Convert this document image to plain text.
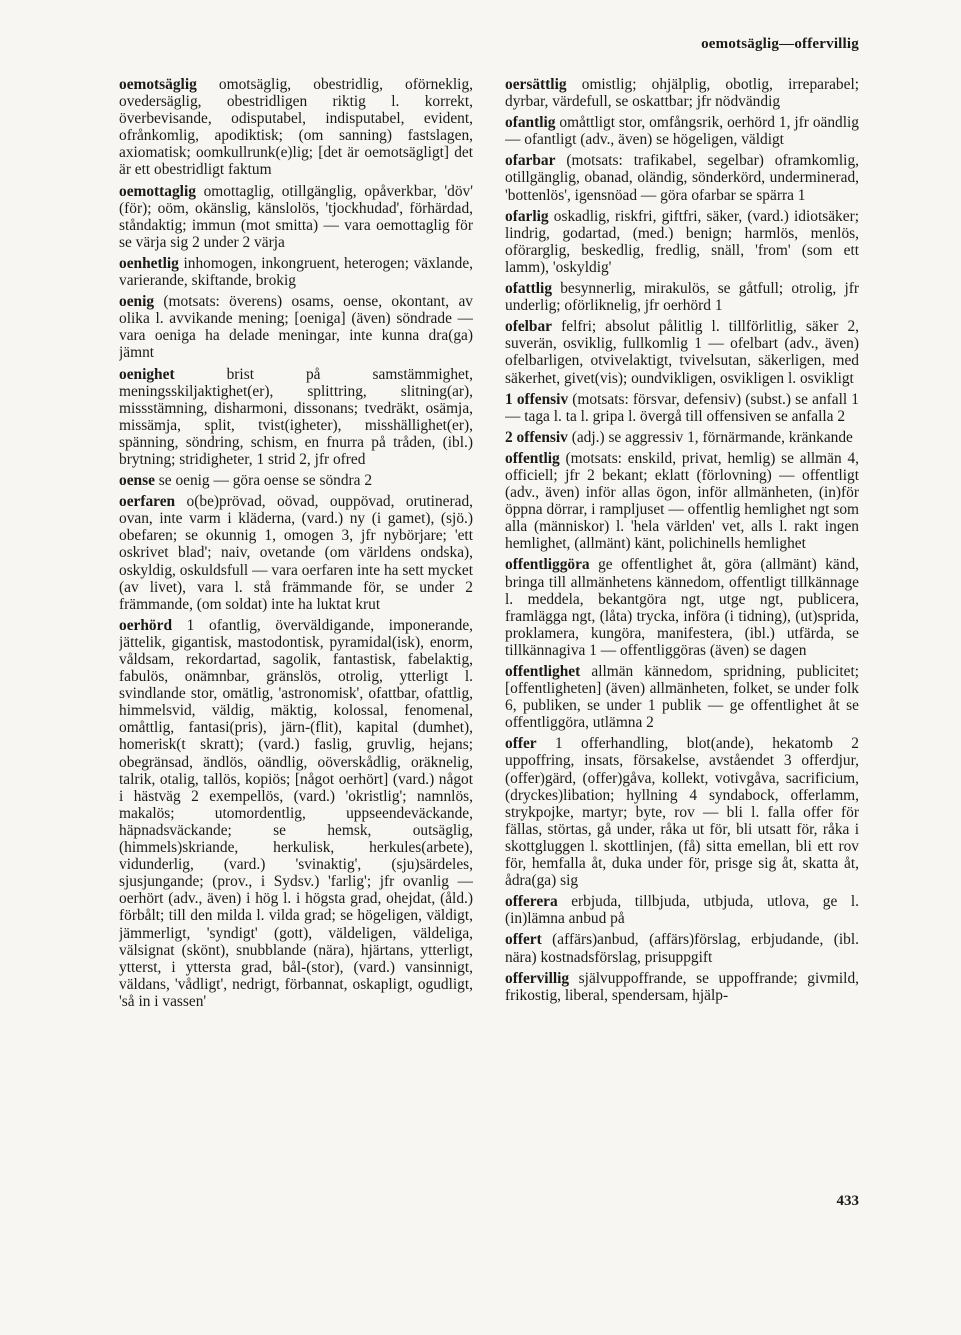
oemotsäglig—offervillig

oemotsäglig omotsäglig, obestridlig, oförneklig, ovedersäglig, obestridligen riktig l. korrekt, överbevisande, odisputabel, indisputabel, evident, ofrånkomlig, apodiktisk; (om sanning) fastslagen, axiomatisk; oomkullrunk(e)lig; [det är oemotsägligt] det är ett obestridligt faktum

oemottaglig omottaglig, otillgänglig, opåverkbar, 'döv' (för); oöm, okänslig, känslolös, 'tjockhudad', förhärdad, ståndaktig; immun (mot smitta) — vara oemottaglig för se värja sig 2 under 2 värja

oenhetlig inhomogen, inkongruent, heterogen; växlande, varierande, skiftande, brokig

oenig (motsats: överens) osams, oense, okontant, av olika l. avvikande mening; [oeniga] (även) söndrade — vara oeniga ha delade meningar, inte kunna dra(ga) jämnt

oenighet brist på samstämmighet, meningsskiljaktighet(er), splittring, slitning(ar), missstämning, disharmoni, dissonans; tvedräkt, osämja, missämja, split, tvist(igheter), misshällighet(er), spänning, söndring, schism, en fnurra på tråden, (ibl.) brytning; stridigheter, 1 strid 2, jfr ofred

oense se oenig — göra oense se söndra 2

oerfaren o(be)prövad, oövad, ouppövad, orutinerad, ovan, inte varm i kläderna, (vard.) ny (i gamet), (sjö.) obefaren; se okunnig 1, omogen 3, jfr nybörjare; 'ett oskrivet blad'; naiv, ovetande (om världens ondska), oskyldig, oskuldsfull — vara oerfaren inte ha sett mycket (av livet), vara l. stå främmande för, se under 2 främmande, (om soldat) inte ha luktat krut

oerhörd 1 ofantlig, överväldigande, imponerande, jättelik, gigantisk, mastodontisk, pyramidal(isk), enorm, våldsam, rekordartad, sagolik, fantastisk, fabelaktig, fabulös, onämnbar, gränslös, otrolig, ytterligt l. svindlande stor, omätlig, 'astronomisk', ofattbar, ofattlig, himmelsvid, väldig, mäktig, kolossal, fenomenal, omåttlig, fantasi(pris), järn-(flit), kapital (dumhet), homerisk(t skratt); (vard.) faslig, gruvlig, hejans; obegränsad, ändlös, oändlig, oöverskådlig, oräknelig, talrik, otalig, tallös, kopiös; [något oerhört] (vard.) något i hästväg 2 exempellös, (vard.) 'okristlig'; namnlös, makalös; utomordentlig, uppseendeväckande, häpnadsväckande; se hemsk, outsäglig, (himmels)skriande, herkulisk, herkules(arbete), vidunderlig, (vard.) 'svinaktig', (sju)särdeles, sjusjungande; (prov., i Sydsv.) 'farlig'; jfr ovanlig — oerhört (adv., även) i hög l. i högsta grad, ohejdat, (åld.) förbålt; till den milda l. vilda grad; se högeligen, väldigt, jämmerligt, 'syndigt' (gott), väldeligen, väldeliga, välsignat (skönt), snubblande (nära), hjärtans, ytterligt, ytterst, i yttersta grad, bål-(stor), (vard.) vansinnigt, väldans, 'vådligt', nedrigt, förbannat, oskapligt, ogudligt, 'så in i vassen'

oersättlig omistlig; ohjälplig, obotlig, irreparabel; dyrbar, värdefull, se oskattbar; jfr nödvändig

ofantlig omåttligt stor, omfångsrik, oerhörd 1, jfr oändlig — ofantligt (adv., även) se högeligen, väldigt

ofarbar (motsats: trafikabel, segelbar) oframkomlig, otillgänglig, obanad, oländig, sönderkörd, underminerad, 'bottenlös', igensnöad — göra ofarbar se spärra 1

ofarlig oskadlig, riskfri, giftfri, säker, (vard.) idiotsäker; lindrig, godartad, (med.) benign; harmlös, menlös, oförarglig, beskedlig, fredlig, snäll, 'from' (som ett lamm), 'oskyldig'

ofattlig besynnerlig, mirakulös, se gåtfull; otrolig, jfr underlig; oförliknelig, jfr oerhörd 1

ofelbar felfri; absolut pålitlig l. tillförlitlig, säker 2, suverän, osviklig, fullkomlig 1 — ofelbart (adv., även) ofelbarligen, otvivelaktigt, tvivelsutan, säkerligen, med säkerhet, givet(vis); oundvikligen, osvikligen l. osvikligt

1 offensiv (motsats: försvar, defensiv) (subst.) se anfall 1 — taga l. ta l. gripa l. övergå till offensiven se anfalla 2

2 offensiv (adj.) se aggressiv 1, förnärmande, kränkande

offentlig (motsats: enskild, privat, hemlig) se allmän 4, officiell; jfr 2 bekant; eklatt (förlovning) — offentligt (adv., även) inför allas ögon, inför allmänheten, (in)för öppna dörrar, i rampljuset — offentlig hemlighet ngt som alla (människor) l. 'hela världen' vet, alls l. rakt ingen hemlighet, (allmänt) känt, polichinells hemlighet

offentliggöra ge offentlighet åt, göra (allmänt) känd, bringa till allmänhetens kännedom, offentligt tillkännage l. meddela, bekantgöra ngt, utge ngt, publicera, framlägga ngt, (låta) trycka, införa (i tidning), (ut)sprida, proklamera, kungöra, manifestera, (ibl.) utfärda, se tillkännagiva 1 — offentliggöras (även) se dagen

offentlighet allmän kännedom, spridning, publicitet; [offentligheten] (även) allmänheten, folket, se under folk 6, publiken, se under 1 publik — ge offentlighet åt se offentliggöra, utlämna 2

offer 1 offerhandling, blot(ande), hekatomb 2 uppoffring, insats, försakelse, avståendet 3 offerdjur, (offer)gärd, (offer)gåva, kollekt, votivgåva, sacrificium, (dryckes)libation; hyllning 4 syndabock, offerlamm, strykpojke, martyr; byte, rov — bli l. falla offer för fällas, störtas, gå under, råka ut för, bli utsatt för, råka i skottgluggen l. skottlinjen, (få) sitta emellan, bli ett rov för, hemfalla åt, duka under för, prisge sig åt, skatta åt, ådra(ga) sig

offerera erbjuda, tillbjuda, utbjuda, utlova, ge l. (in)lämna anbud på

offert (affärs)anbud, (affärs)förslag, erbjudande, (ibl. nära) kostnadsförslag, prisuppgift

offervillig självuppoffrande, se uppoffrande; givmild, frikostig, liberal, spendersam, hjälp-

433
